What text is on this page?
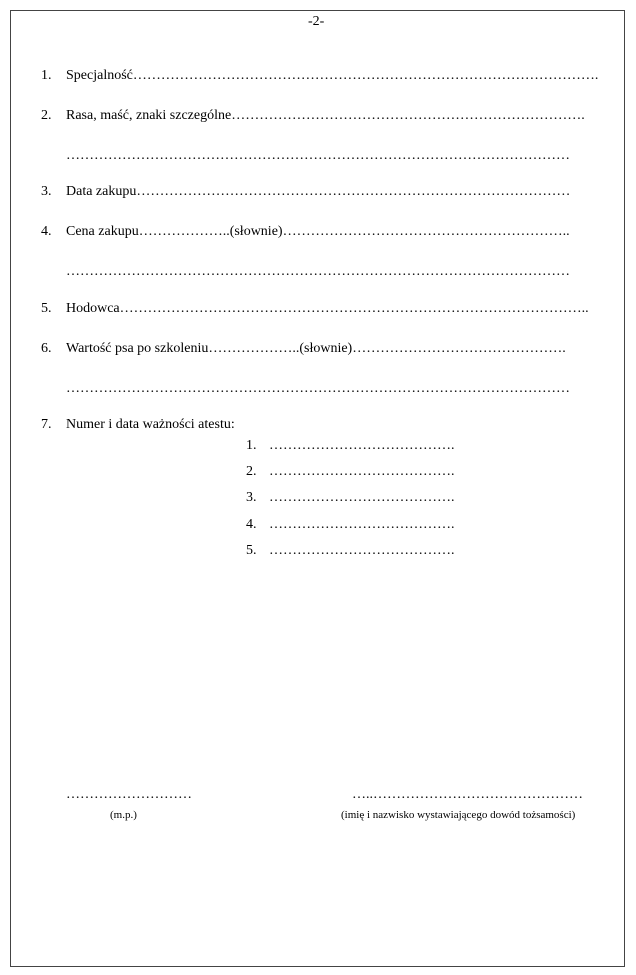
-2-
1. Specjalność……………………………………………………………………………………….
2. Rasa, maść, znaki szczególne………………………………………………………………….
………………………………………………………………………………………………
3. Data zakupu…………………………………………………………………………………
4. Cena zakupu………………..(słownie)……………………………………………………..
………………………………………………………………………………………………
5. Hodowca………………………………………………………………………………………..
6. Wartość psa po szkoleniu………………..(słownie)……………………………………….
………………………………………………………………………………………………
7. Numer i data ważności atestu:
1. ………………………………….
2. ………………………………….
3. ………………………………….
4. ………………………………….
5. ………………………………….
………………………
(m.p.)
…..………………………………………
(imię i nazwisko wystawiającego dowód tożsamości)
